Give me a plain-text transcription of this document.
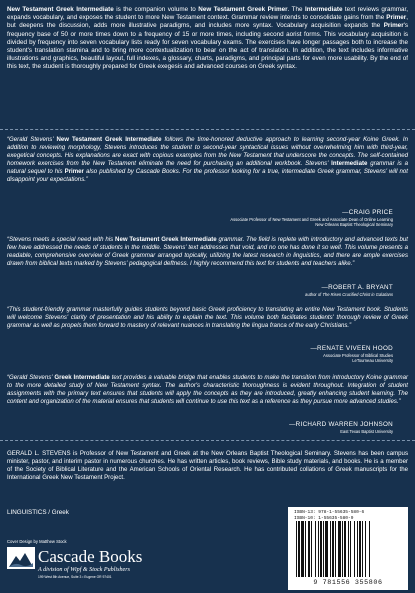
New Testament Greek Intermediate is the companion volume to New Testament Greek Primer. The Intermediate text reviews grammar, expands vocabulary, and exposes the student to more New Testament context. Grammar review intends to consolidate gains from the Primer, but deepens the discussion, adds more illustrative paradigms, and includes more syntax. Vocabulary acquisition expands the Primer's frequency base of 50 or more times down to a frequency of 15 or more times, including second aorist forms. This vocabulary acquisition is divided by frequency into seven vocabulary lists ready for seven vocabulary exams. The exercises have longer passages both to increase the student's translation stamina and to bring more contextualization to bear on the act of translation. In addition, the text includes informative illustrations and graphics, beautiful layout, full indexes, a glossary, charts, paradigms, and principal parts for even more usability. By the end of this text, the student is thoroughly prepared for Greek exegesis and advanced courses on Greek syntax.
“Gerald Stevens' New Testament Greek Intermediate follows the time-honored deductive approach to learning second-year Koine Greek. In addition to reviewing morphology, Stevens introduces the student to second-year syntactical issues without overwhelming him with third-year, exegetical concepts. His explanations are exact with copious examples from the New Testament that underscore the concepts. The self-contained homework exercises from the New Testament eliminate the need for purchasing an additional workbook. Stevens' Intermediate grammar is a natural sequel to his Primer also published by Cascade Books. For the professor looking for a true, intermediate Greek grammar, Stevens' will not disappoint your expectations.”
—CRAIG PRICE
Associate Professor of New Testament and Greek and Associate Dean of Online Learning
New Orleans Baptist Theological Seminary
“Stevens meets a special need with his New Testament Greek Intermediate grammar. The field is replete with introductory and advanced texts but few have addressed the needs of students in the middle. Stevens' text addresses that void, and no one has done it so well. This volume presents a readable, comprehensive overview of Greek grammar arranged topically, utilizing the latest research in linguistics, and there are ample exercises drawn from biblical texts marked by Stevens' pedagogical deftness. I highly recommend this text for students and teachers alike.”
—ROBERT A. BRYANT
author of The Risen Crucified Christ in Galatians
“This student-friendly grammar masterfully guides students beyond basic Greek proficiency to translating an entire New Testament book. Students will welcome Stevens' clarity of presentation and his ability to explain the text. This volume both facilitates students' thorough review of Greek grammar as well as propels them forward to mastery of relevant nuances in translating the lingua franca of the early Christians.”
—RENATE VIVEEN HOOD
Associate Professor of Biblical Studies
LeTourneau University
“Gerald Stevens' Greek Intermediate text provides a valuable bridge that enables students to make the transition from introductory Koine grammar to the more detailed study of New Testament syntax. The author's characteristic thoroughness is evident throughout. Integration of student assignments with the primary text ensures that students will apply the concepts as they are introduced, greatly enhancing student learning. The content and organization of the material ensures that students will continue to use this text as a reference as they pursue more advanced studies.”
—RICHARD WARREN JOHNSON
East Texas Baptist University
GERALD L. STEVENS is Professor of New Testament and Greek at the New Orleans Baptist Theological Seminary. Stevens has been campus minister, pastor, and interim pastor in numerous churches. He has written articles, book reviews, Bible study materials, and books. He is a member of the Society of Biblical Literature and the American Schools of Oriental Research. He has contributed collations of Greek manuscripts for the International Greek New Testament Project.
LINGUISTICS / Greek
Cover Design by Matthew Stock
Cascade Books
A division of Wipf & Stock Publishers
199 West 8th Avenue, Suite 3 • Eugene OR 97401
ISBN-13: 978-1-55635-580-6
ISBN-10: 1-55635-580-9
9 781556 355806
